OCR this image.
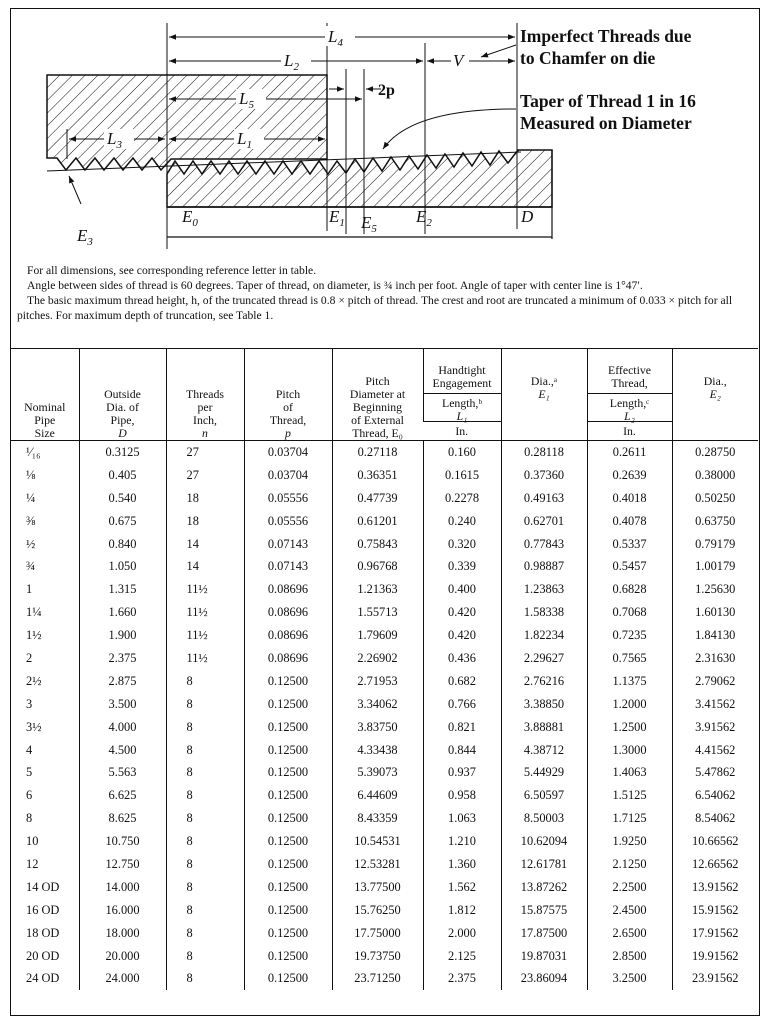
$L_4$
$L_2$	V
$L_5$
2p
$L_3$	$L_1$
$E_0$	$E_1$ $E_5$
$E_2$	D
$E_3$
Imperfect Threads due to Chamfer on die
Taper of Thread 1 in 16 Measured on Diameter

For all dimensions, see corresponding reference letter in table.

Angle between sides of thread is 60 degrees. Taper of thread, on diameter, is ¾ inch per foot. Angle of taper with center line is 1°47′.

The basic maximum thread height, h, of the truncated thread is 0.8 × pitch of thread. The crest and root are truncated a minimum of 0.033 × pitch for all pitches. For maximum depth of truncation, see Table 1.

Nominal
Pipe
Size	Outside
Dia. of
Pipe,
D	Threads
per
Inch,
n	Pitch
of
Thread,
p	Pitch
Diameter at
Beginning
of External
Thread, E₀	Handtight
Engagement
Length,ᵇ
L₁	Dia.,ᵃ
E₁	Effective
Thread,
Length,ᶜ
L₂	Dia.,
E₂
					In.		In.	
¹⁄₁₆	0.3125	27	0.03704	0.27118	0.160	0.28118	0.2611	0.28750
⅛	0.405	27	0.03704	0.36351	0.1615	0.37360	0.2639	0.38000
¼	0.540	18	0.05556	0.47739	0.2278	0.49163	0.4018	0.50250
⅜	0.675	18	0.05556	0.61201	0.240	0.62701	0.4078	0.63750
½	0.840	14	0.07143	0.75843	0.320	0.77843	0.5337	0.79179
¾	1.050	14	0.07143	0.96768	0.339	0.98887	0.5457	1.00179
1	1.315	11½	0.08696	1.21363	0.400	1.23863	0.6828	1.25630
1¼	1.660	11½	0.08696	1.55713	0.420	1.58338	0.7068	1.60130
1½	1.900	11½	0.08696	1.79609	0.420	1.82234	0.7235	1.84130
2	2.375	11½	0.08696	2.26902	0.436	2.29627	0.7565	2.31630
2½	2.875	8	0.12500	2.71953	0.682	2.76216	1.1375	2.79062
3	3.500	8	0.12500	3.34062	0.766	3.38850	1.2000	3.41562
3½	4.000	8	0.12500	3.83750	0.821	3.88881	1.2500	3.91562
4	4.500	8	0.12500	4.33438	0.844	4.38712	1.3000	4.41562
5	5.563	8	0.12500	5.39073	0.937	5.44929	1.4063	5.47862
6	6.625	8	0.12500	6.44609	0.958	6.50597	1.5125	6.54062
8	8.625	8	0.12500	8.43359	1.063	8.50003	1.7125	8.54062
10	10.750	8	0.12500	10.54531	1.210	10.62094	1.9250	10.66562
12	12.750	8	0.12500	12.53281	1.360	12.61781	2.1250	12.66562
14 OD	14.000	8	0.12500	13.77500	1.562	13.87262	2.2500	13.91562
16 OD	16.000	8	0.12500	15.76250	1.812	15.87575	2.4500	15.91562
18 OD	18.000	8	0.12500	17.75000	2.000	17.87500	2.6500	17.91562
20 OD	20.000	8	0.12500	19.73750	2.125	19.87031	2.8500	19.91562
24 OD	24.000	8	0.12500	23.71250	2.375	23.86094	3.2500	23.91562
